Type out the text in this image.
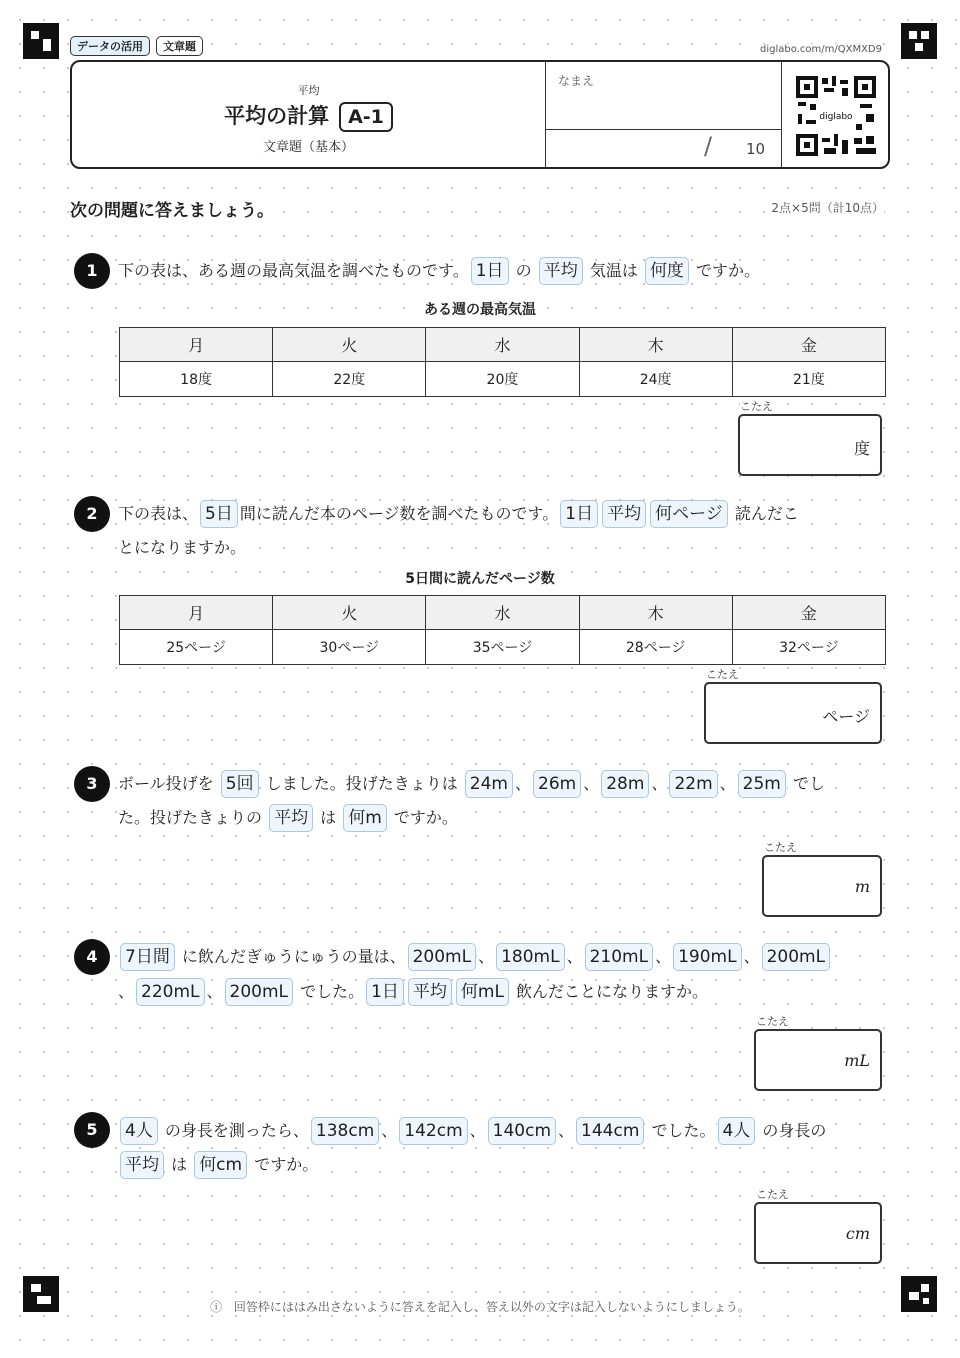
データの活用	文章題	diglabo.com/m/QXMXD9
平均
平均の計算 A-1
文章題（基本）
なまえ
/ 10
diglabo
次の問題に答えましょう。	2点×5問（計10点）
1	下の表は、ある週の最高気温を調べたものです。 1日 の 平均 気温は 何度 ですか。
ある週の最高気温
月	火	水	木	金
18度	22度	20度	24度	21度
こたえ
度
2	下の表は、 5日 間に読んだ本のページ数を調べたものです。 1日 平均 何ページ 読んだこ
とになりますか。
5日間に読んだページ数
月	火	水	木	金
25ページ	30ページ	35ページ	28ページ	32ページ
こたえ
ページ
3	ボール投げを 5回 しました。投げたきょりは 24m 、 26m 、 28m 、 22m 、 25m でし
た。投げたきょりの 平均 は 何m ですか。
こたえ
m
4	7日間 に飲んだぎゅうにゅうの量は、 200mL 、 180mL 、 210mL 、 190mL 、 200mL
、 220mL 、 200mL でした。 1日 平均 何mL 飲んだことになりますか。
こたえ
mL
5	4人 の身長を測ったら、 138cm 、 142cm 、 140cm 、 144cm でした。 4人 の身長の
平均 は 何cm ですか。
こたえ
cm
ⓘ 回答枠にははみ出さないように答えを記入し、答え以外の文字は記入しないようにしましょう。
